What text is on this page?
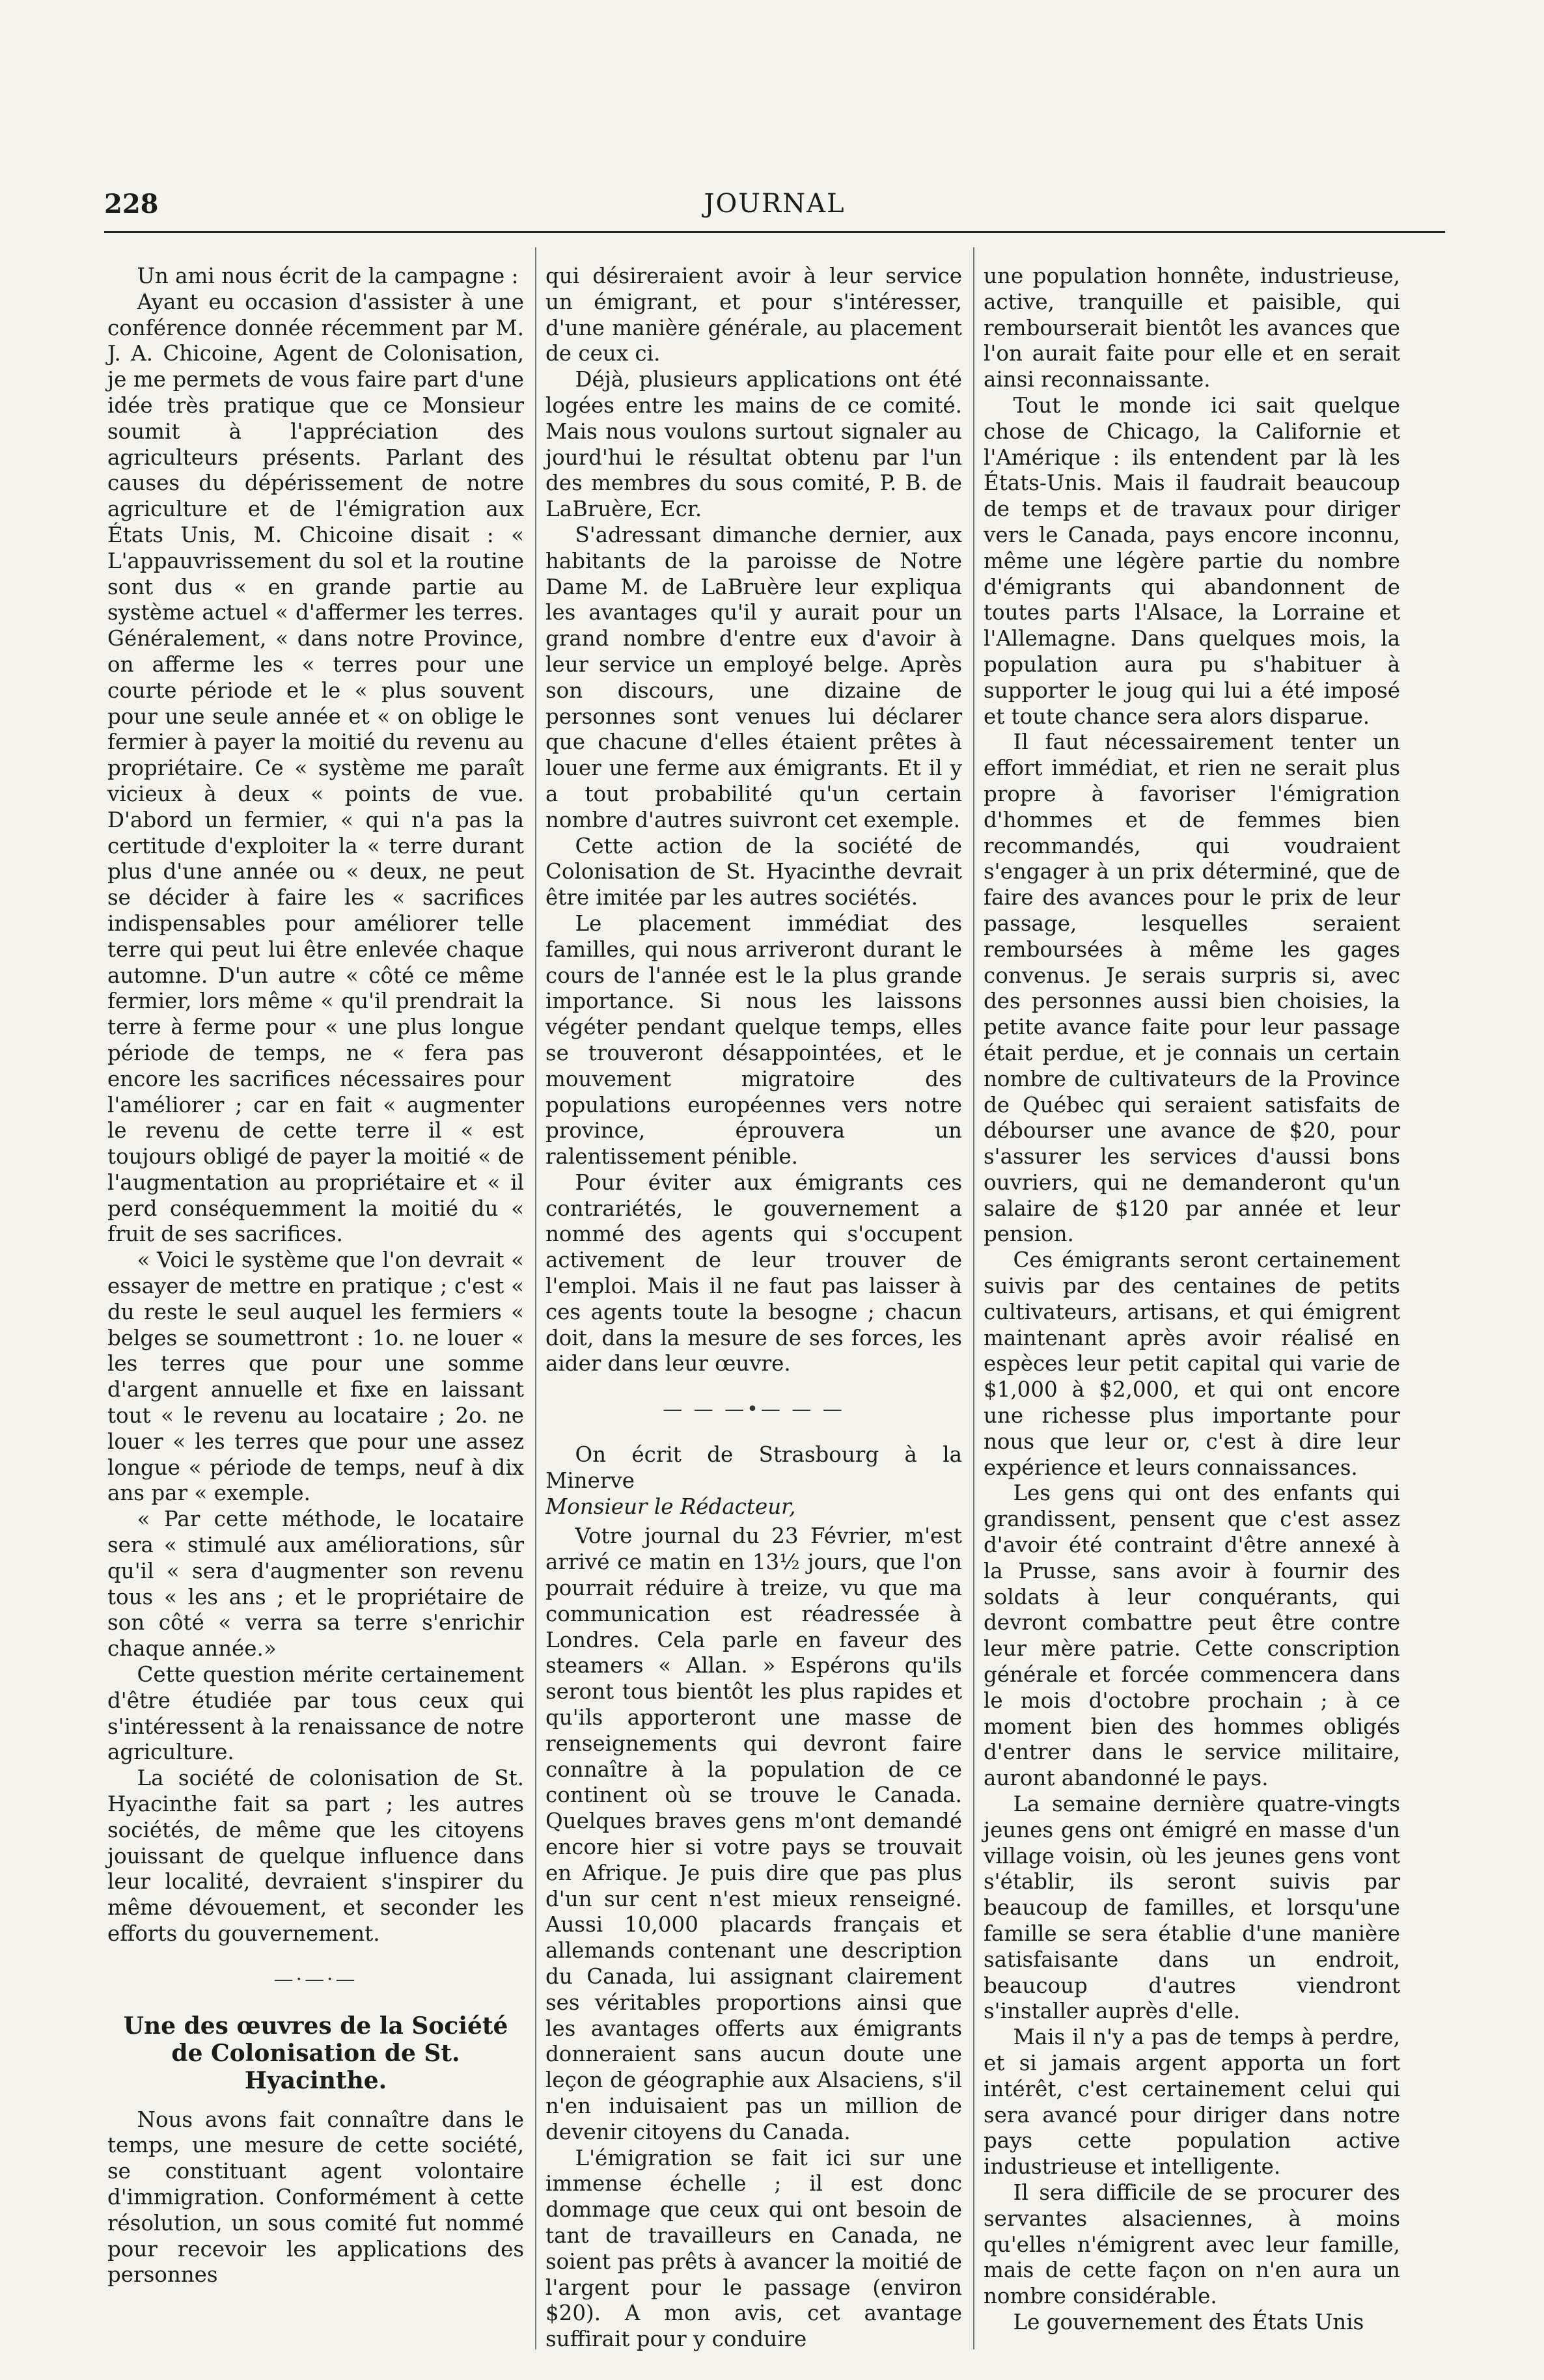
228	JOURNAL

Un ami nous écrit de la campagne :

Ayant eu occasion d'assister à une conférence donnée récemment par M. J. A. Chicoine, Agent de Colonisation, je me permets de vous faire part d'une idée très pratique que ce Monsieur soumit à l'appréciation des agriculteurs présents. Parlant des causes du dépérissement de notre agriculture et de l'émigration aux États Unis, M. Chicoine disait : « L'appauvrissement du sol et la routine sont dus « en grande partie au système actuel « d'affermer les terres. Généralement, « dans notre Province, on afferme les « terres pour une courte période et le « plus souvent pour une seule année et « on oblige le fermier à payer la moitié du revenu au propriétaire. Ce « système me paraît vicieux à deux « points de vue. D'abord un fermier, « qui n'a pas la certitude d'exploiter la « terre durant plus d'une année ou « deux, ne peut se décider à faire les « sacrifices indispensables pour améliorer telle terre qui peut lui être enlevée chaque automne. D'un autre « côté ce même fermier, lors même « qu'il prendrait la terre à ferme pour « une plus longue période de temps, ne « fera pas encore les sacrifices nécessaires pour l'améliorer ; car en fait « augmenter le revenu de cette terre il « est toujours obligé de payer la moitié « de l'augmentation au propriétaire et « il perd conséquemment la moitié du « fruit de ses sacrifices.

« Voici le système que l'on devrait « essayer de mettre en pratique ; c'est « du reste le seul auquel les fermiers « belges se soumettront : 1o. ne louer « les terres que pour une somme d'argent annuelle et fixe en laissant tout « le revenu au locataire ; 2o. ne louer « les terres que pour une assez longue « période de temps, neuf à dix ans par « exemple.

« Par cette méthode, le locataire sera « stimulé aux améliorations, sûr qu'il « sera d'augmenter son revenu tous « les ans ; et le propriétaire de son côté « verra sa terre s'enrichir chaque année.»

Cette question mérite certainement d'être étudiée par tous ceux qui s'intéressent à la renaissance de notre agriculture.

La société de colonisation de St. Hyacinthe fait sa part ; les autres sociétés, de même que les citoyens jouissant de quelque influence dans leur localité, devraient s'inspirer du même dévouement, et seconder les efforts du gouvernement.

—·—·—

Une des œuvres de la Société de Colonisation de St. Hyacinthe.

Nous avons fait connaître dans le temps, une mesure de cette société, se constituant agent volontaire d'immigration. Conformément à cette résolution, un sous comité fut nommé pour recevoir les applications des personnes

qui désireraient avoir à leur service un émigrant, et pour s'intéresser, d'une manière générale, au placement de ceux ci.

Déjà, plusieurs applications ont été logées entre les mains de ce comité. Mais nous voulons surtout signaler au jourd'hui le résultat obtenu par l'un des membres du sous comité, P. B. de LaBruère, Ecr.

S'adressant dimanche dernier, aux habitants de la paroisse de Notre Dame M. de LaBruère leur expliqua les avantages qu'il y aurait pour un grand nombre d'entre eux d'avoir à leur service un employé belge. Après son discours, une dizaine de personnes sont venues lui déclarer que chacune d'elles étaient prêtes à louer une ferme aux émigrants. Et il y a tout probabilité qu'un certain nombre d'autres suivront cet exemple.

Cette action de la société de Colonisation de St. Hyacinthe devrait être imitée par les autres sociétés.

Le placement immédiat des familles, qui nous arriveront durant le cours de l'année est le la plus grande importance. Si nous les laissons végéter pendant quelque temps, elles se trouveront désappointées, et le mouvement migratoire des populations européennes vers notre province, éprouvera un ralentissement pénible.

Pour éviter aux émigrants ces contrariétés, le gouvernement a nommé des agents qui s'occupent activement de leur trouver de l'emploi. Mais il ne faut pas laisser à ces agents toute la besogne ; chacun doit, dans la mesure de ses forces, les aider dans leur œuvre.

— — —•— — —

On écrit de Strasbourg à la Minerve

Monsieur le Rédacteur,

Votre journal du 23 Février, m'est arrivé ce matin en 13½ jours, que l'on pourrait réduire à treize, vu que ma communication est réadressée à Londres. Cela parle en faveur des steamers « Allan. » Espérons qu'ils seront tous bientôt les plus rapides et qu'ils apporteront une masse de renseignements qui devront faire connaître à la population de ce continent où se trouve le Canada. Quelques braves gens m'ont demandé encore hier si votre pays se trouvait en Afrique. Je puis dire que pas plus d'un sur cent n'est mieux renseigné. Aussi 10,000 placards français et allemands contenant une description du Canada, lui assignant clairement ses véritables proportions ainsi que les avantages offerts aux émigrants donneraient sans aucun doute une leçon de géographie aux Alsaciens, s'il n'en induisaient pas un million de devenir citoyens du Canada.

L'émigration se fait ici sur une immense échelle ; il est donc dommage que ceux qui ont besoin de tant de travailleurs en Canada, ne soient pas prêts à avancer la moitié de l'argent pour le passage (environ $20). A mon avis, cet avantage suffirait pour y conduire

une population honnête, industrieuse, active, tranquille et paisible, qui rembourserait bientôt les avances que l'on aurait faite pour elle et en serait ainsi reconnaissante.

Tout le monde ici sait quelque chose de Chicago, la Californie et l'Amérique : ils entendent par là les États-Unis. Mais il faudrait beaucoup de temps et de travaux pour diriger vers le Canada, pays encore inconnu, même une légère partie du nombre d'émigrants qui abandonnent de toutes parts l'Alsace, la Lorraine et l'Allemagne. Dans quelques mois, la population aura pu s'habituer à supporter le joug qui lui a été imposé et toute chance sera alors disparue.

Il faut nécessairement tenter un effort immédiat, et rien ne serait plus propre à favoriser l'émigration d'hommes et de femmes bien recommandés, qui voudraient s'engager à un prix déterminé, que de faire des avances pour le prix de leur passage, lesquelles seraient remboursées à même les gages convenus. Je serais surpris si, avec des personnes aussi bien choisies, la petite avance faite pour leur passage était perdue, et je connais un certain nombre de cultivateurs de la Province de Québec qui seraient satisfaits de débourser une avance de $20, pour s'assurer les services d'aussi bons ouvriers, qui ne demanderont qu'un salaire de $120 par année et leur pension.

Ces émigrants seront certainement suivis par des centaines de petits cultivateurs, artisans, et qui émigrent maintenant après avoir réalisé en espèces leur petit capital qui varie de $1,000 à $2,000, et qui ont encore une richesse plus importante pour nous que leur or, c'est à dire leur expérience et leurs connaissances.

Les gens qui ont des enfants qui grandissent, pensent que c'est assez d'avoir été contraint d'être annexé à la Prusse, sans avoir à fournir des soldats à leur conquérants, qui devront combattre peut être contre leur mère patrie. Cette conscription générale et forcée commencera dans le mois d'octobre prochain ; à ce moment bien des hommes obligés d'entrer dans le service militaire, auront abandonné le pays.

La semaine dernière quatre-vingts jeunes gens ont émigré en masse d'un village voisin, où les jeunes gens vont s'établir, ils seront suivis par beaucoup de familles, et lorsqu'une famille se sera établie d'une manière satisfaisante dans un endroit, beaucoup d'autres viendront s'installer auprès d'elle.

Mais il n'y a pas de temps à perdre, et si jamais argent apporta un fort intérêt, c'est certainement celui qui sera avancé pour diriger dans notre pays cette population active industrieuse et intelligente.

Il sera difficile de se procurer des servantes alsaciennes, à moins qu'elles n'émigrent avec leur famille, mais de cette façon on n'en aura un nombre considérable.

Le gouvernement des États Unis
